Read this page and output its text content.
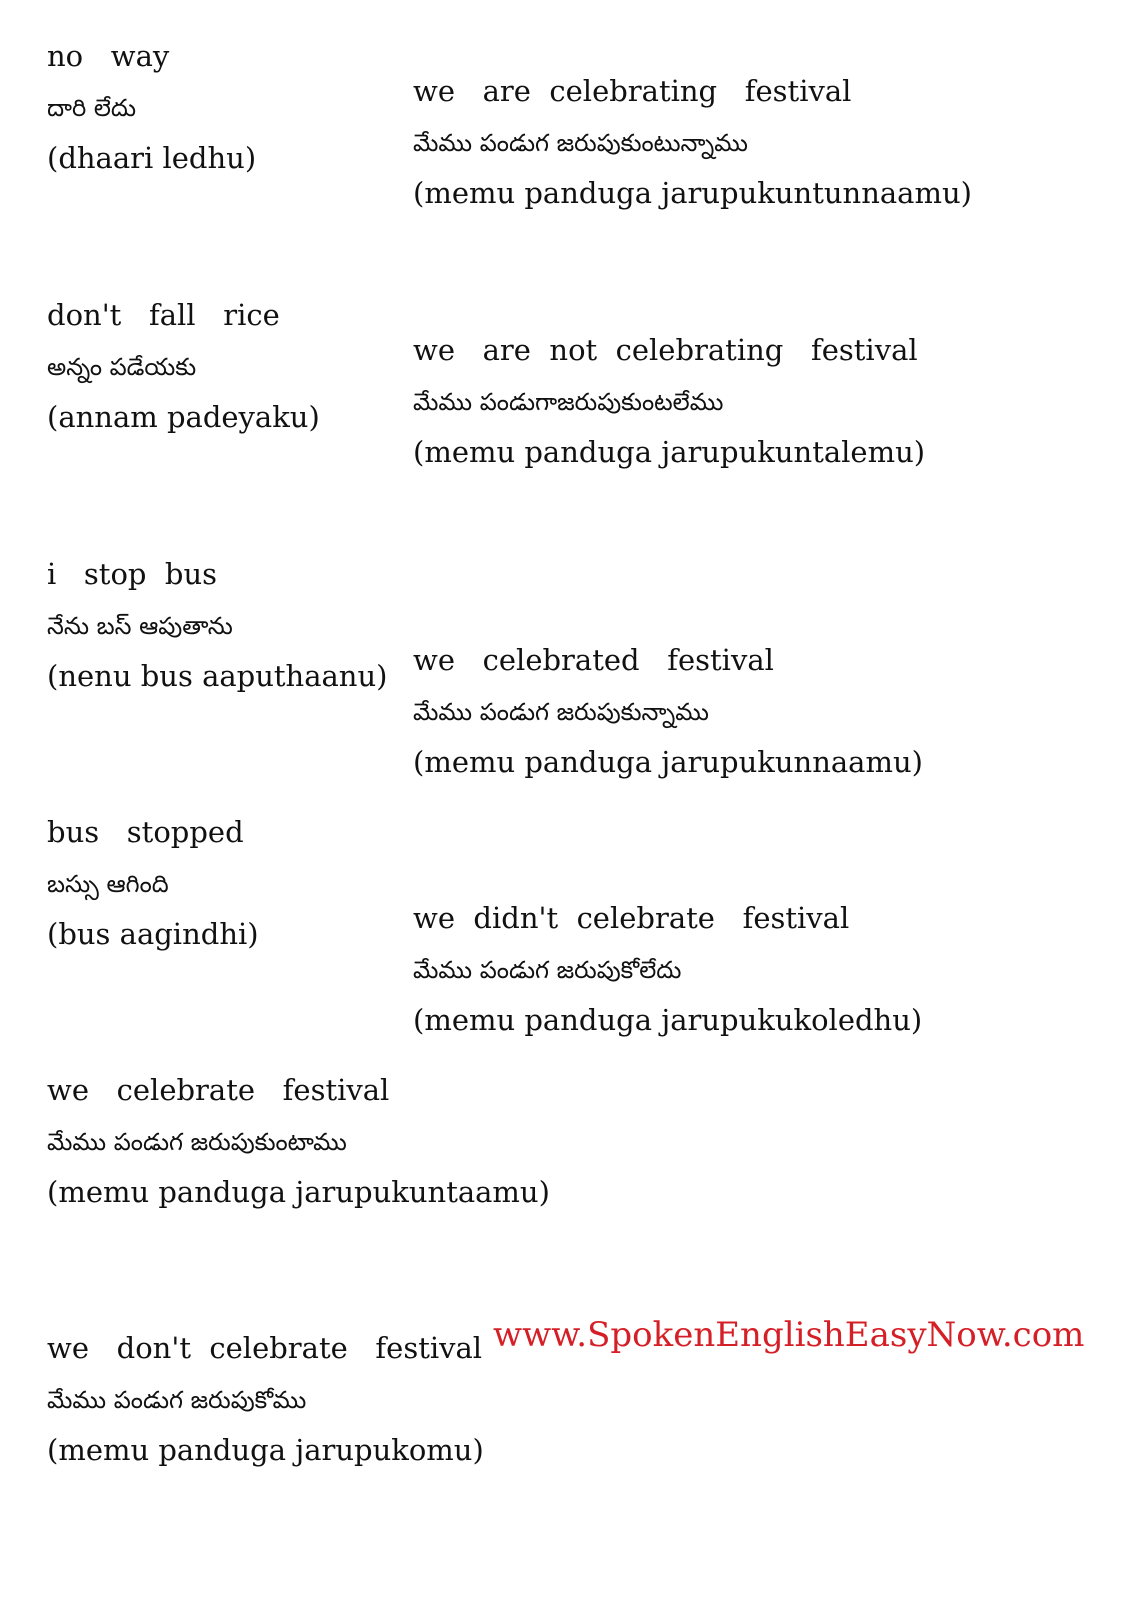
no   way
దారి లేదు
(dhaari ledhu)
don't   fall   rice
అన్నం పడేయకు
(annam padeyaku)
i   stop  bus
నేను బస్ ఆపుతాను
(nenu bus aaputhaanu)
bus   stopped
బస్సు ఆగింది
(bus aagindhi)
we   celebrate   festival
మేము పండుగ జరుపుకుంటాము
(memu panduga jarupukuntaamu)
we   don't  celebrate   festival
మేము పండుగ జరుపుకోము
(memu panduga jarupukomu)
we   are  celebrating   festival
మేము పండుగ జరుపుకుంటున్నాము
(memu panduga jarupukuntunnaamu)
we   are  not  celebrating   festival
మేము పండుగాజరుపుకుంటలేము
(memu panduga jarupukuntalemu)
we   celebrated   festival
మేము పండుగ జరుపుకున్నాము
(memu panduga jarupukunnaamu)
we  didn't  celebrate   festival
మేము పండుగ జరుపుకోలేదు
(memu panduga jarupukukoledhu)
www.SpokenEnglishEasyNow.com
